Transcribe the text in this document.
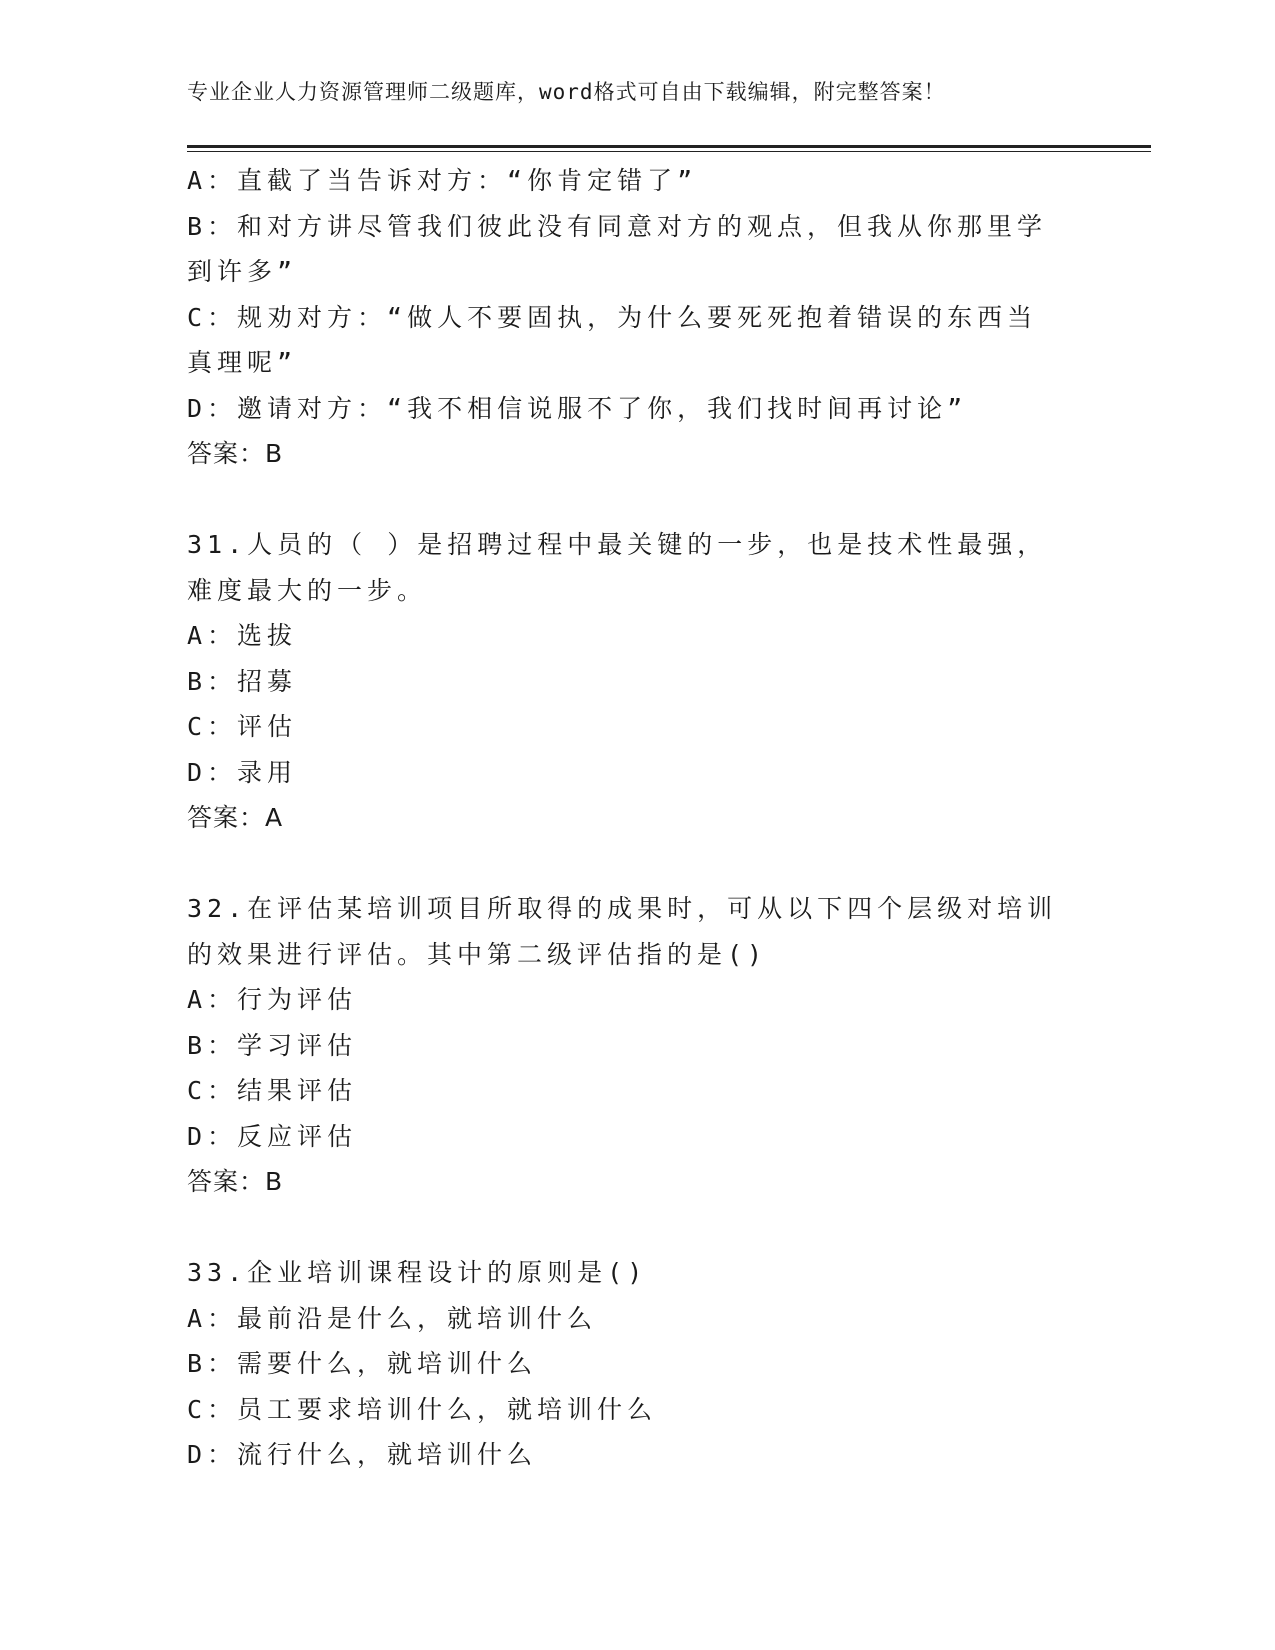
专业企业人力资源管理师二级题库，word格式可自由下载编辑，附完整答案！
A：直截了当告诉对方：“你肯定错了”
B：和对方讲尽管我们彼此没有同意对方的观点，但我从你那里学到许多”
C：规劝对方：“做人不要固执，为什么要死死抱着错误的东西当真理呢”
D：邀请对方：“我不相信说服不了你，我们找时间再讨论”
答案：B
31.人员的（ ）是招聘过程中最关键的一步，也是技术性最强，难度最大的一步。
A：选拔
B：招募
C：评估
D：录用
答案：A
32.在评估某培训项目所取得的成果时，可从以下四个层级对培训的效果进行评估。其中第二级评估指的是()
A：行为评估
B：学习评估
C：结果评估
D：反应评估
答案：B
33.企业培训课程设计的原则是()
A：最前沿是什么，就培训什么
B：需要什么，就培训什么
C：员工要求培训什么，就培训什么
D：流行什么，就培训什么
